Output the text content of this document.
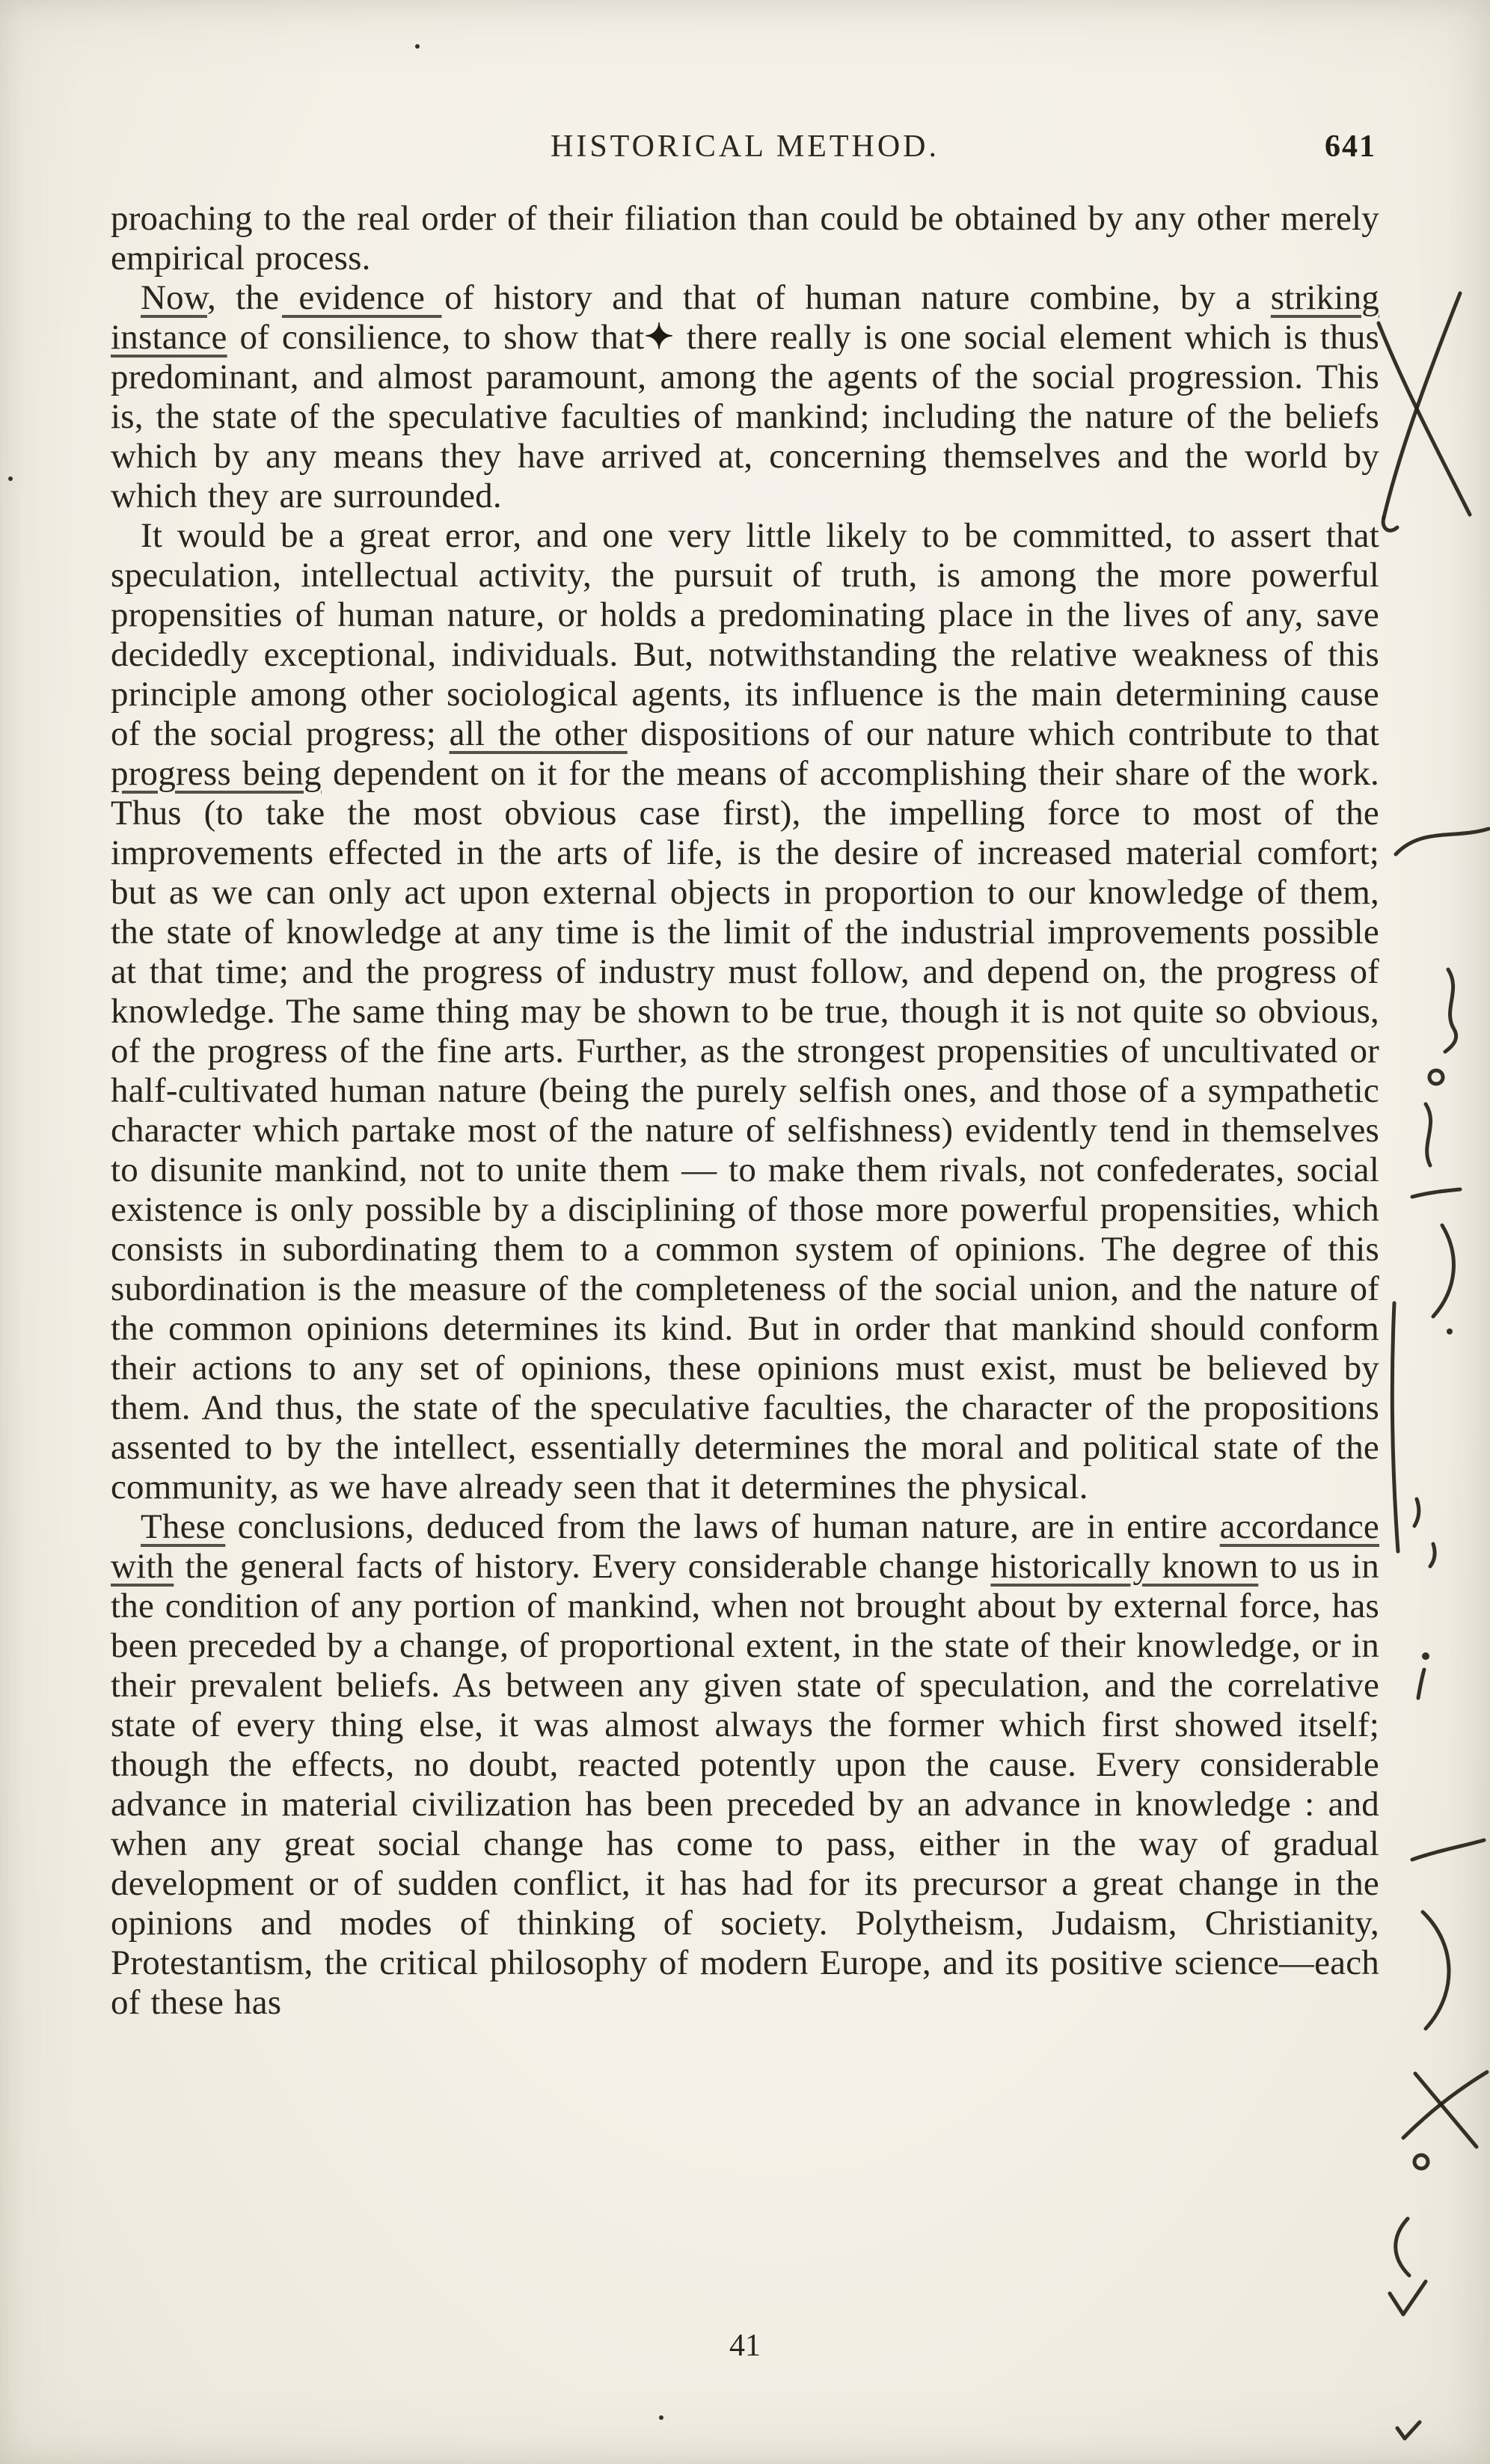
HISTORICAL METHOD.	641

proaching to the real order of their filiation than could be obtained by any other merely empirical process.

Now, the evidence of history and that of human nature combine, by a striking instance of consilience, to show that✦ there really is one social element which is thus predominant, and almost paramount, among the agents of the social progression. This is, the state of the speculative faculties of mankind; including the nature of the beliefs which by any means they have arrived at, concerning themselves and the world by which they are surrounded.

It would be a great error, and one very little likely to be committed, to assert that speculation, intellectual activity, the pursuit of truth, is among the more powerful propensities of human nature, or holds a predominating place in the lives of any, save decidedly exceptional, individuals. But, notwithstanding the relative weakness of this principle among other sociological agents, its influence is the main determining cause of the social progress; all the other dispositions of our nature which contribute to that progress being dependent on it for the means of accomplishing their share of the work. Thus (to take the most obvious case first), the impelling force to most of the improvements effected in the arts of life, is the desire of increased material comfort; but as we can only act upon external objects in proportion to our knowledge of them, the state of knowledge at any time is the limit of the industrial improvements possible at that time; and the progress of industry must follow, and depend on, the progress of knowledge. The same thing may be shown to be true, though it is not quite so obvious, of the progress of the fine arts. Further, as the strongest propensities of uncultivated or half-cultivated human nature (being the purely selfish ones, and those of a sympathetic character which partake most of the nature of selfishness) evidently tend in themselves to disunite mankind, not to unite them — to make them rivals, not confederates, social existence is only possible by a disciplining of those more powerful propensities, which consists in subordinating them to a common system of opinions. The degree of this subordination is the measure of the completeness of the social union, and the nature of the common opinions determines its kind. But in order that mankind should conform their actions to any set of opinions, these opinions must exist, must be believed by them. And thus, the state of the speculative faculties, the character of the propositions assented to by the intellect, essentially determines the moral and political state of the community, as we have already seen that it determines the physical.

These conclusions, deduced from the laws of human nature, are in entire accordance with the general facts of history. Every considerable change historically known to us in the condition of any portion of mankind, when not brought about by external force, has been preceded by a change, of proportional extent, in the state of their knowledge, or in their prevalent beliefs. As between any given state of speculation, and the correlative state of every thing else, it was almost always the former which first showed itself; though the effects, no doubt, reacted potently upon the cause. Every considerable advance in material civilization has been preceded by an advance in knowledge : and when any great social change has come to pass, either in the way of gradual development or of sudden conflict, it has had for its precursor a great change in the opinions and modes of thinking of society. Polytheism, Judaism, Christianity, Protestantism, the critical philosophy of modern Europe, and its positive science—each of these has

41
